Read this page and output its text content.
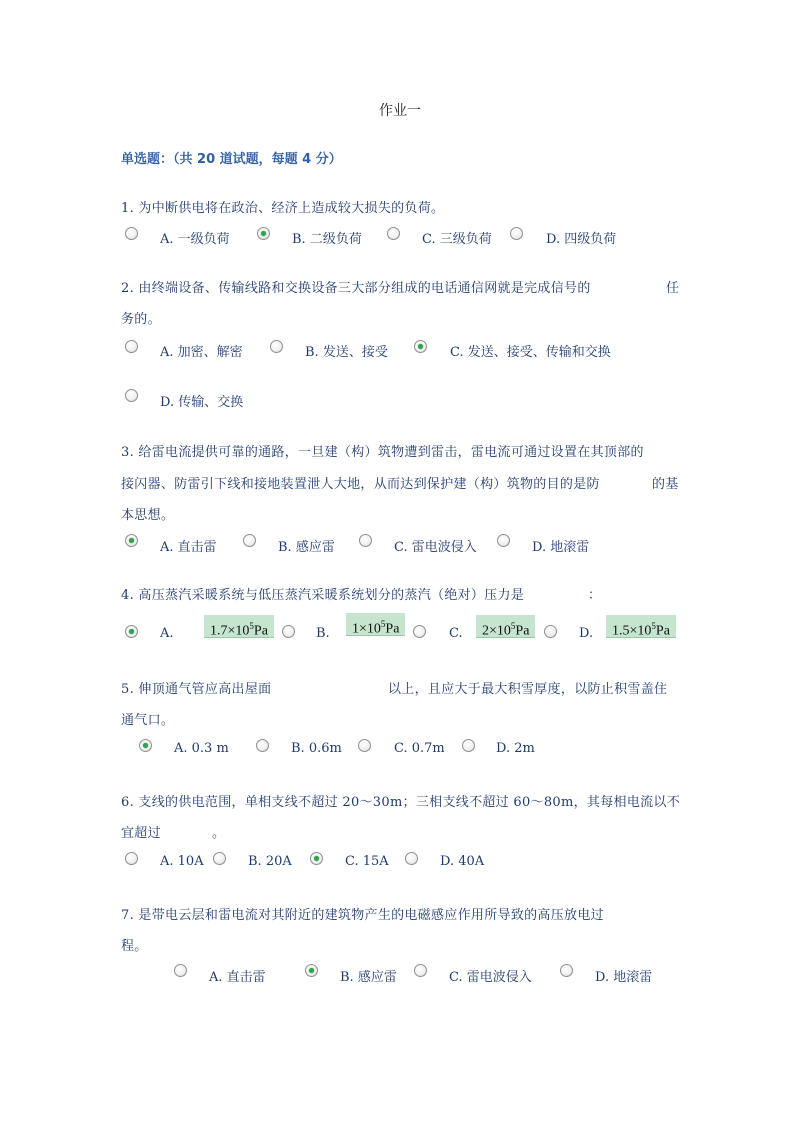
作业一
单选题：（共 20 道试题，每题 4 分）
1. 为中断供电将在政治、经济上造成较大损失的负荷。
A. 一级负荷	B. 二级负荷	C. 三级负荷	D. 四级负荷
2. 由终端设备、传输线路和交换设备三大部分组成的电话通信网就是完成信号的	任
务的。
A. 加密、解密	B. 发送、接受	C. 发送、接受、传输和交换
D. 传输、交换
3. 给雷电流提供可靠的通路，一旦建（构）筑物遭到雷击，雷电流可通过设置在其顶部的
接闪器、防雷引下线和接地装置泄人大地，从而达到保护建（构）筑物的目的是防	的基
本思想。
A. 直击雷	B. 感应雷	C. 雷电波侵入	D. 地滚雷
4. 高压蒸汽采暖系统与低压蒸汽采暖系统划分的蒸汽（绝对）压力是	：
A.	$1.7\times 10^5Pa$	B.	$1\times 10^5Pa$	C.	$2\times 10^5Pa$	D.	$1.5\times 10^5Pa$
5. 伸顶通气管应高出屋面	以上，且应大于最大积雪厚度，以防止积雪盖住
通气口。
A. 0.3 m	B. 0.6m	C. 0.7m	D. 2m
6. 支线的供电范围，单相支线不超过 20～30m；三相支线不超过 60～80m，其每相电流以不
宜超过	。
A. 10A	B. 20A	C. 15A	D. 40A
7. 是带电云层和雷电流对其附近的建筑物产生的电磁感应作用所导致的高压放电过
程。
A. 直击雷	B. 感应雷	C. 雷电波侵入	D. 地滚雷
